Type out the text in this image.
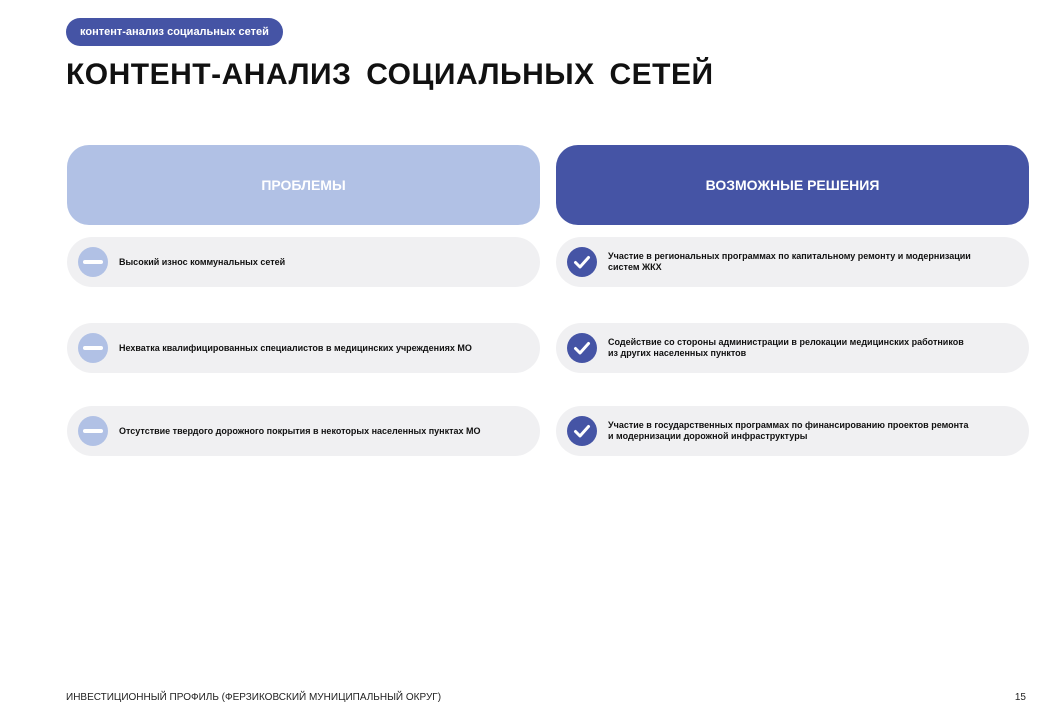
контент-анализ социальных сетей
КОНТЕНТ-АНАЛИЗ СОЦИАЛЬНЫХ СЕТЕЙ
ПРОБЛЕМЫ	ВОЗМОЖНЫЕ РЕШЕНИЯ
Высокий износ коммунальных сетей
Нехватка квалифицированных специалистов в медицинских учреждениях МО
Отсутствие твердого дорожного покрытия в некоторых населенных пунктах МО
Участие в региональных программах по капитальному ремонту и модернизации
систем ЖКХ
Содействие со стороны администрации в релокации медицинских работников
из других населенных пунктов
Участие в государственных программах по финансированию проектов ремонта
и модернизации дорожной инфраструктуры
ИНВЕСТИЦИОННЫЙ ПРОФИЛЬ (ФЕРЗИКОВСКИЙ МУНИЦИПАЛЬНЫЙ ОКРУГ)	15
